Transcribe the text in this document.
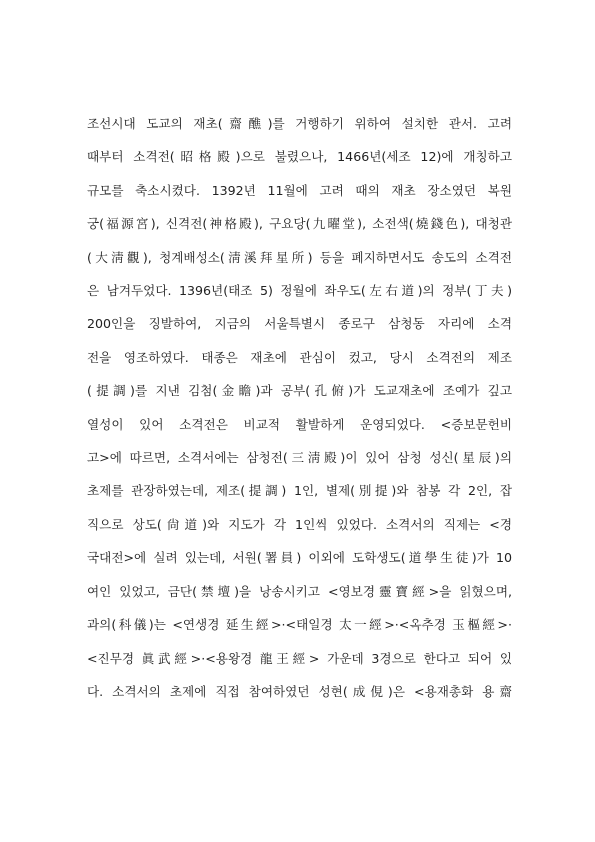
조선시대 도교의 재초(齋醮)를 거행하기 위하여 설치한 관서. 고려
때부터 소격전(昭格殿)으로 불렸으나, 1466년(세조 12)에 개칭하고
규모를 축소시켰다. 1392년 11월에 고려 때의 재초 장소였던 복원
궁(福源宮), 신격전(神格殿), 구요당(九曜堂), 소전색(燒錢色), 대청관
(大淸觀), 청계배성소(淸溪拜星所) 등을 폐지하면서도 송도의 소격전
은 남겨두었다. 1396년(태조 5) 정월에 좌우도(左右道)의 정부(丁夫)
200인을 징발하여, 지금의 서울특별시 종로구 삼청동 자리에 소격
전을 영조하였다. 태종은 재초에 관심이 컸고, 당시 소격전의 제조
(提調)를 지낸 김첨(金瞻)과 공부(孔俯)가 도교재초에 조예가 깊고
열성이 있어 소격전은 비교적 활발하게 운영되었다. <증보문헌비
고>에 따르면, 소격서에는 삼청전(三淸殿)이 있어 삼청 성신(星辰)의
초제를 관장하였는데, 제조(提調) 1인, 별제(別提)와 참봉 각 2인, 잡
직으로 상도(尙道)와 지도가 각 1인씩 있었다. 소격서의 직제는 <경
국대전>에 실려 있는데, 서원(署員) 이외에 도학생도(道學生徒)가 10
여인 있었고, 금단(禁壇)을 낭송시키고 <영보경靈寶經>을 읽혔으며,
과의(科儀)는 <연생경 延生經>·<태일경 太一經>·<옥추경 玉樞經>·
<진무경 眞武經>·<용왕경 龍王經> 가운데 3경으로 한다고 되어 있
다. 소격서의 초제에 직접 참여하였던 성현(成俔)은 <용재총화 용齋
